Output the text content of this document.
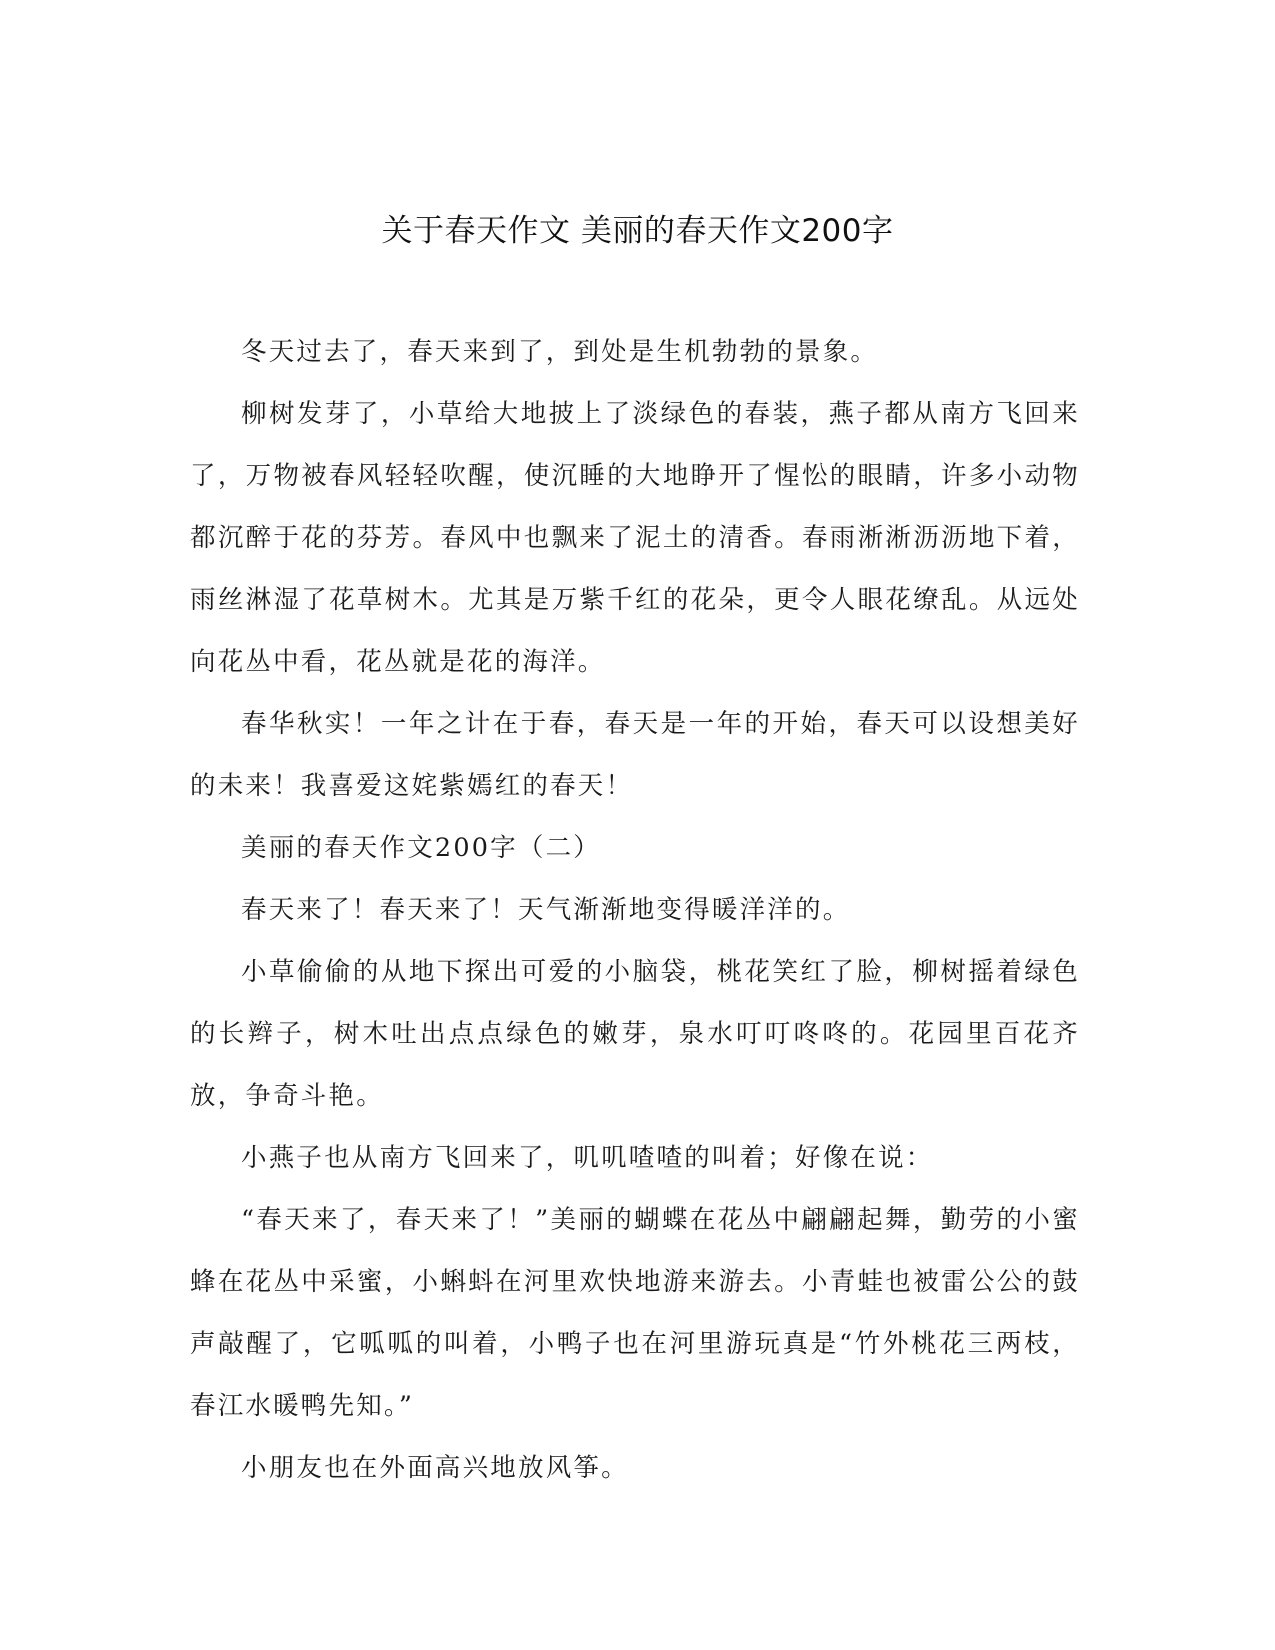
关于春天作文 美丽的春天作文200字

冬天过去了，春天来到了，到处是生机勃勃的景象。

柳树发芽了，小草给大地披上了淡绿色的春装，燕子都从南方飞回来了，万物被春风轻轻吹醒，使沉睡的大地睁开了惺忪的眼睛，许多小动物都沉醉于花的芬芳。春风中也飘来了泥土的清香。春雨淅淅沥沥地下着，雨丝淋湿了花草树木。尤其是万紫千红的花朵，更令人眼花缭乱。从远处向花丛中看，花丛就是花的海洋。

春华秋实！一年之计在于春，春天是一年的开始，春天可以设想美好的未来！我喜爱这姹紫嫣红的春天！

美丽的春天作文200字（二）

春天来了！春天来了！天气渐渐地变得暖洋洋的。

小草偷偷的从地下探出可爱的小脑袋，桃花笑红了脸，柳树摇着绿色的长辫子，树木吐出点点绿色的嫩芽，泉水叮叮咚咚的。花园里百花齐放，争奇斗艳。

小燕子也从南方飞回来了，叽叽喳喳的叫着；好像在说：

“春天来了，春天来了！”美丽的蝴蝶在花丛中翩翩起舞，勤劳的小蜜蜂在花丛中采蜜，小蝌蚪在河里欢快地游来游去。小青蛙也被雷公公的鼓声敲醒了，它呱呱的叫着，小鸭子也在河里游玩真是“竹外桃花三两枝，春江水暖鸭先知。”

小朋友也在外面高兴地放风筝。
